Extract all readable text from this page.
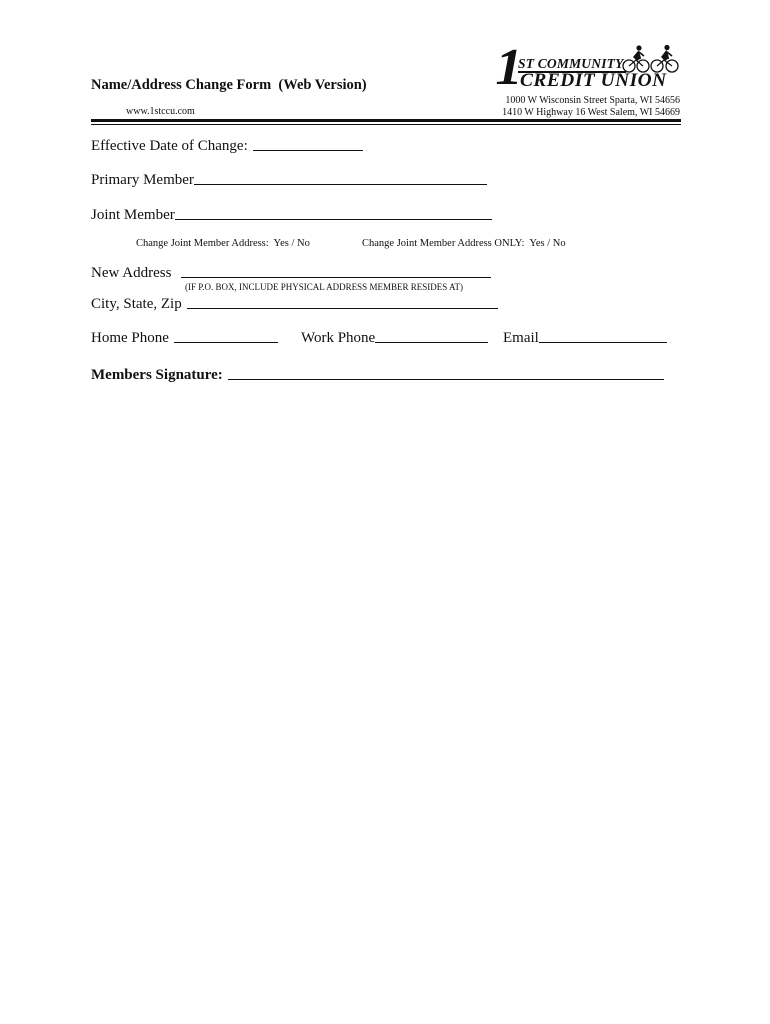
Name/Address Change Form  (Web Version)
www.1stccu.com
1
ST COMMUNITY
CREDIT UNION
1000 W Wisconsin Street Sparta, WI 54656
1410 W Highway 16 West Salem, WI 54669
Effective Date of Change:
Primary Member
Joint Member
Change Joint Member Address:  Yes / No	Change Joint Member Address ONLY:  Yes / No
New Address
(IF P.O. BOX, INCLUDE PHYSICAL ADDRESS MEMBER RESIDES AT)
City, State, Zip
Home Phone	Work Phone	Email
Members Signature:
